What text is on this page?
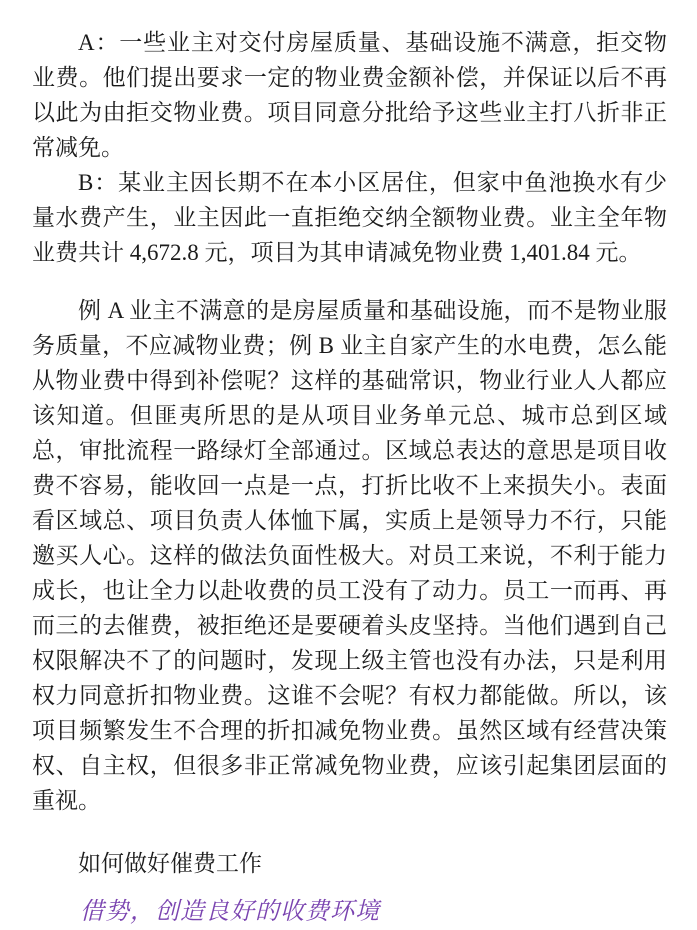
A：一些业主对交付房屋质量、基础设施不满意，拒交物业费。他们提出要求一定的物业费金额补偿，并保证以后不再以此为由拒交物业费。项目同意分批给予这些业主打八折非正常减免。

B：某业主因长期不在本小区居住，但家中鱼池换水有少量水费产生，业主因此一直拒绝交纳全额物业费。业主全年物业费共计 4,672.8 元，项目为其申请减免物业费 1,401.84 元。

例 A 业主不满意的是房屋质量和基础设施，而不是物业服务质量，不应减物业费；例 B 业主自家产生的水电费，怎么能从物业费中得到补偿呢？这样的基础常识，物业行业人人都应该知道。但匪夷所思的是从项目业务单元总、城市总到区域总，审批流程一路绿灯全部通过。区域总表达的意思是项目收费不容易，能收回一点是一点，打折比收不上来损失小。表面看区域总、项目负责人体恤下属，实质上是领导力不行，只能邀买人心。这样的做法负面性极大。对员工来说，不利于能力成长，也让全力以赴收费的员工没有了动力。员工一而再、再而三的去催费，被拒绝还是要硬着头皮坚持。当他们遇到自己权限解决不了的问题时，发现上级主管也没有办法，只是利用权力同意折扣物业费。这谁不会呢？有权力都能做。所以，该项目频繁发生不合理的折扣减免物业费。虽然区域有经营决策权、自主权，但很多非正常减免物业费，应该引起集团层面的重视。

如何做好催费工作
借势，创造良好的收费环境
